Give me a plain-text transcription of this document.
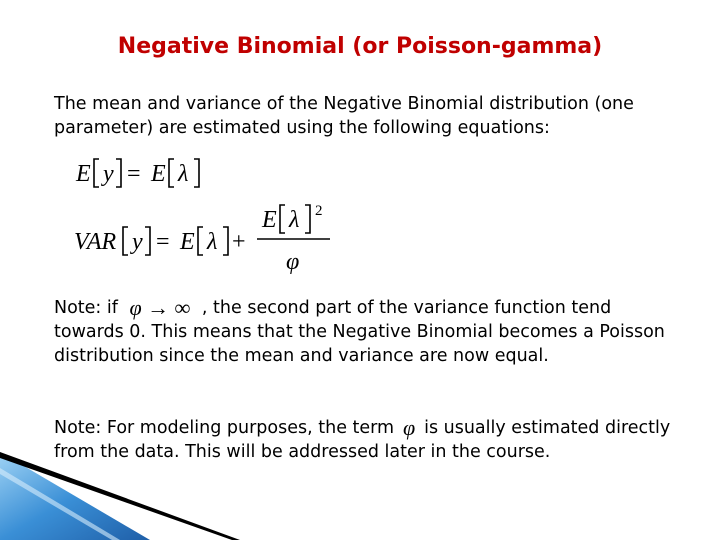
Negative Binomial (or Poisson-gamma)

The mean and variance of the Negative Binomial distribution (one
parameter) are estimated using the following equations:

E y = E λ
VAR y = E λ +
E λ 2
φ

Note: if φ → ∞ , the second part of the variance function tend
towards 0. This means that the Negative Binomial becomes a Poisson
distribution since the mean and variance are now equal.

Note: For modeling purposes, the term φ is usually estimated directly
from the data. This will be addressed later in the course.
